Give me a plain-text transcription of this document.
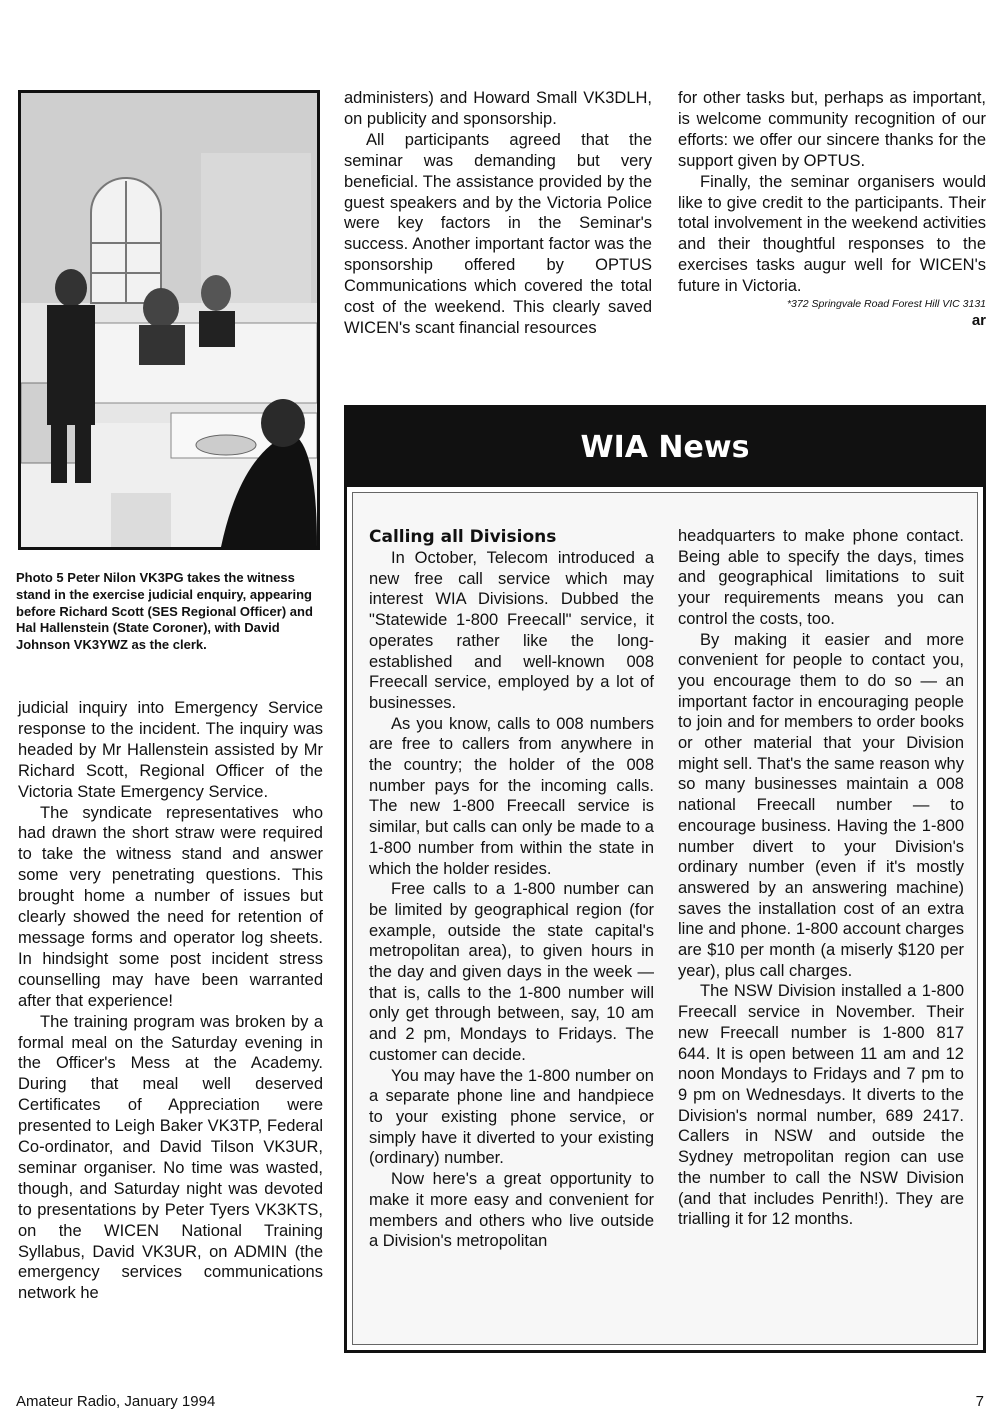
Photo 5 Peter Nilon VK3PG takes the witness stand in the exercise judicial enquiry, appearing before Richard Scott (SES Regional Officer) and Hal Hallenstein (State Coroner), with David Johnson VK3YWZ as the clerk.

judicial inquiry into Emergency Service response to the incident. The inquiry was headed by Mr Hallenstein assisted by Mr Richard Scott, Regional Officer of the Victoria State Emergency Service.

The syndicate representatives who had drawn the short straw were required to take the witness stand and answer some very penetrating questions. This brought home a number of issues but clearly showed the need for retention of message forms and operator log sheets. In hindsight some post incident stress counselling may have been warranted after that experience!

The training program was broken by a formal meal on the Saturday evening in the Officer's Mess at the Academy. During that meal well deserved Certificates of Appreciation were presented to Leigh Baker VK3TP, Federal Co-ordinator, and David Tilson VK3UR, seminar organiser. No time was wasted, though, and Saturday night was devoted to presentations by Peter Tyers VK3KTS, on the WICEN National Training Syllabus, David VK3UR, on ADMIN (the emergency services communications network he

administers) and Howard Small VK3DLH, on publicity and sponsorship.

All participants agreed that the seminar was demanding but very beneficial. The assistance provided by the guest speakers and by the Victoria Police were key factors in the Seminar's success. Another important factor was the sponsorship offered by OPTUS Communications which covered the total cost of the weekend. This clearly saved WICEN's scant financial resources

for other tasks but, perhaps as important, is welcome community recognition of our efforts: we offer our sincere thanks for the support given by OPTUS.

Finally, the seminar organisers would like to give credit to the participants. Their total involvement in the weekend activities and their thoughtful responses to the exercises tasks augur well for WICEN's future in Victoria.

*372 Springvale Road Forest Hill VIC 3131

ar

WIA News

Calling all Divisions

In October, Telecom introduced a new free call service which may interest WIA Divisions. Dubbed the "Statewide 1-800 Freecall" service, it operates rather like the long-established and well-known 008 Freecall service, employed by a lot of businesses.

As you know, calls to 008 numbers are free to callers from anywhere in the country; the holder of the 008 number pays for the incoming calls. The new 1-800 Freecall service is similar, but calls can only be made to a 1-800 number from within the state in which the holder resides.

Free calls to a 1-800 number can be limited by geographical region (for example, outside the state capital's metropolitan area), to given hours in the day and given days in the week — that is, calls to the 1-800 number will only get through between, say, 10 am and 2 pm, Mondays to Fridays. The customer can decide.

You may have the 1-800 number on a separate phone line and handpiece to your existing phone service, or simply have it diverted to your existing (ordinary) number.

Now here's a great opportunity to make it more easy and convenient for members and others who live outside a Division's metropolitan

headquarters to make phone contact. Being able to specify the days, times and geographical limitations to suit your requirements means you can control the costs, too.

By making it easier and more convenient for people to contact you, you encourage them to do so — an important factor in encouraging people to join and for members to order books or other material that your Division might sell. That's the same reason why so many businesses maintain a 008 national Freecall number — to encourage business. Having the 1-800 number divert to your Division's ordinary number (even if it's mostly answered by an answering machine) saves the installation cost of an extra line and phone. 1-800 account charges are $10 per month (a miserly $120 per year), plus call charges.

The NSW Division installed a 1-800 Freecall service in November. Their new Freecall number is 1-800 817 644. It is open between 11 am and 12 noon Mondays to Fridays and 7 pm to 9 pm on Wednesdays. It diverts to the Division's normal number, 689 2417. Callers in NSW and outside the Sydney metropolitan region can use the number to call the NSW Division (and that includes Penrith!). They are trialling it for 12 months.

Amateur Radio, January 1994	7
